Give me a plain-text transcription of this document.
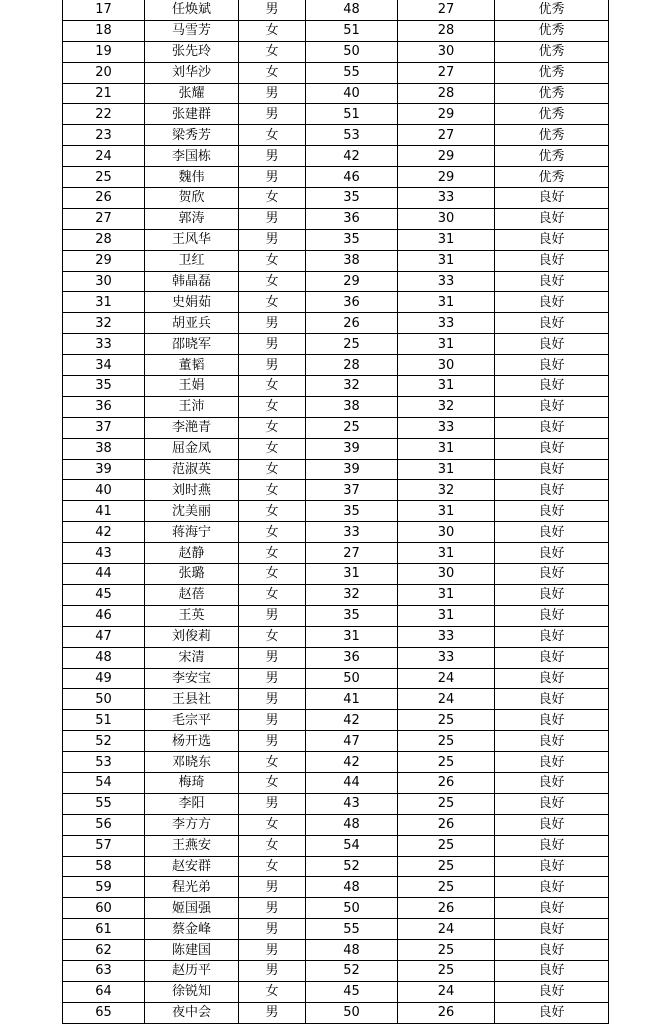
17	任焕斌	男	48	27	优秀
18	马雪芳	女	51	28	优秀
19	张先玲	女	50	30	优秀
20	刘华沙	女	55	27	优秀
21	张耀	男	40	28	优秀
22	张建群	男	51	29	优秀
23	梁秀芳	女	53	27	优秀
24	李国栋	男	42	29	优秀
25	魏伟	男	46	29	优秀
26	贺欣	女	35	33	良好
27	郭涛	男	36	30	良好
28	王风华	男	35	31	良好
29	卫红	女	38	31	良好
30	韩晶磊	女	29	33	良好
31	史娟茹	女	36	31	良好
32	胡亚兵	男	26	33	良好
33	邵晓军	男	25	31	良好
34	董韬	男	28	30	良好
35	王娟	女	32	31	良好
36	王沛	女	38	32	良好
37	李滟青	女	25	33	良好
38	屈金凤	女	39	31	良好
39	范淑英	女	39	31	良好
40	刘时燕	女	37	32	良好
41	沈美丽	女	35	31	良好
42	蒋海宁	女	33	30	良好
43	赵静	女	27	31	良好
44	张璐	女	31	30	良好
45	赵蓓	女	32	31	良好
46	王英	男	35	31	良好
47	刘俊莉	女	31	33	良好
48	宋清	男	36	33	良好
49	李安宝	男	50	24	良好
50	王县社	男	41	24	良好
51	毛宗平	男	42	25	良好
52	杨开选	男	47	25	良好
53	邓晓东	女	42	25	良好
54	梅琦	女	44	26	良好
55	李阳	男	43	25	良好
56	李方方	女	48	26	良好
57	王燕安	女	54	25	良好
58	赵安群	女	52	25	良好
59	程光弟	男	48	25	良好
60	姬国强	男	50	26	良好
61	蔡金峰	男	55	24	良好
62	陈建国	男	48	25	良好
63	赵历平	男	52	25	良好
64	徐锐知	女	45	24	良好
65	夜中会	男	50	26	良好
